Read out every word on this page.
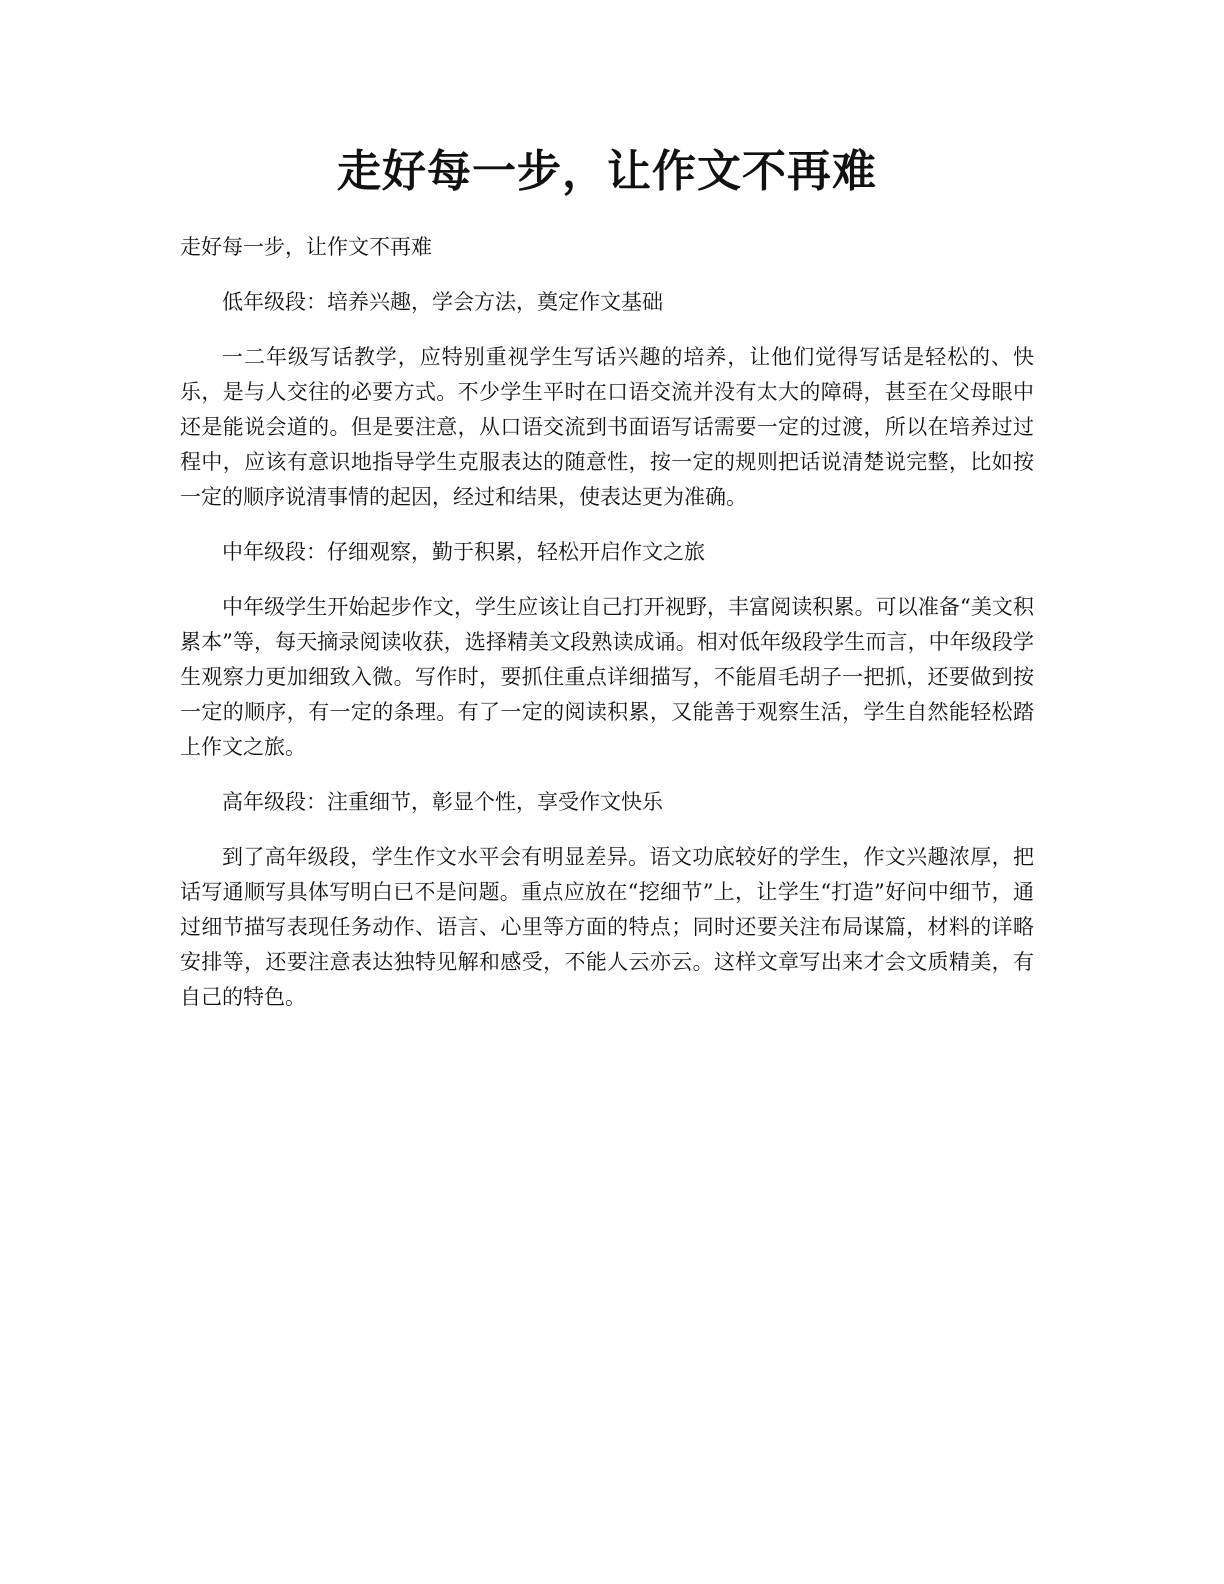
走好每一步，让作文不再难

走好每一步，让作文不再难

低年级段：培养兴趣，学会方法，奠定作文基础

一二年级写话教学，应特别重视学生写话兴趣的培养，让他们觉得写话是轻松的、快乐，是与人交往的必要方式。不少学生平时在口语交流并没有太大的障碍，甚至在父母眼中还是能说会道的。但是要注意，从口语交流到书面语写话需要一定的过渡，所以在培养过过程中，应该有意识地指导学生克服表达的随意性，按一定的规则把话说清楚说完整，比如按一定的顺序说清事情的起因，经过和结果，使表达更为准确。

中年级段：仔细观察，勤于积累，轻松开启作文之旅

中年级学生开始起步作文，学生应该让自己打开视野，丰富阅读积累。可以准备“美文积累本”等，每天摘录阅读收获，选择精美文段熟读成诵。相对低年级段学生而言，中年级段学生观察力更加细致入微。写作时，要抓住重点详细描写，不能眉毛胡子一把抓，还要做到按一定的顺序，有一定的条理。有了一定的阅读积累，又能善于观察生活，学生自然能轻松踏上作文之旅。

高年级段：注重细节，彰显个性，享受作文快乐

到了高年级段，学生作文水平会有明显差异。语文功底较好的学生，作文兴趣浓厚，把话写通顺写具体写明白已不是问题。重点应放在“挖细节”上，让学生“打造”好问中细节，通过细节描写表现任务动作、语言、心里等方面的特点；同时还要关注布局谋篇，材料的详略安排等，还要注意表达独特见解和感受，不能人云亦云。这样文章写出来才会文质精美，有自己的特色。
